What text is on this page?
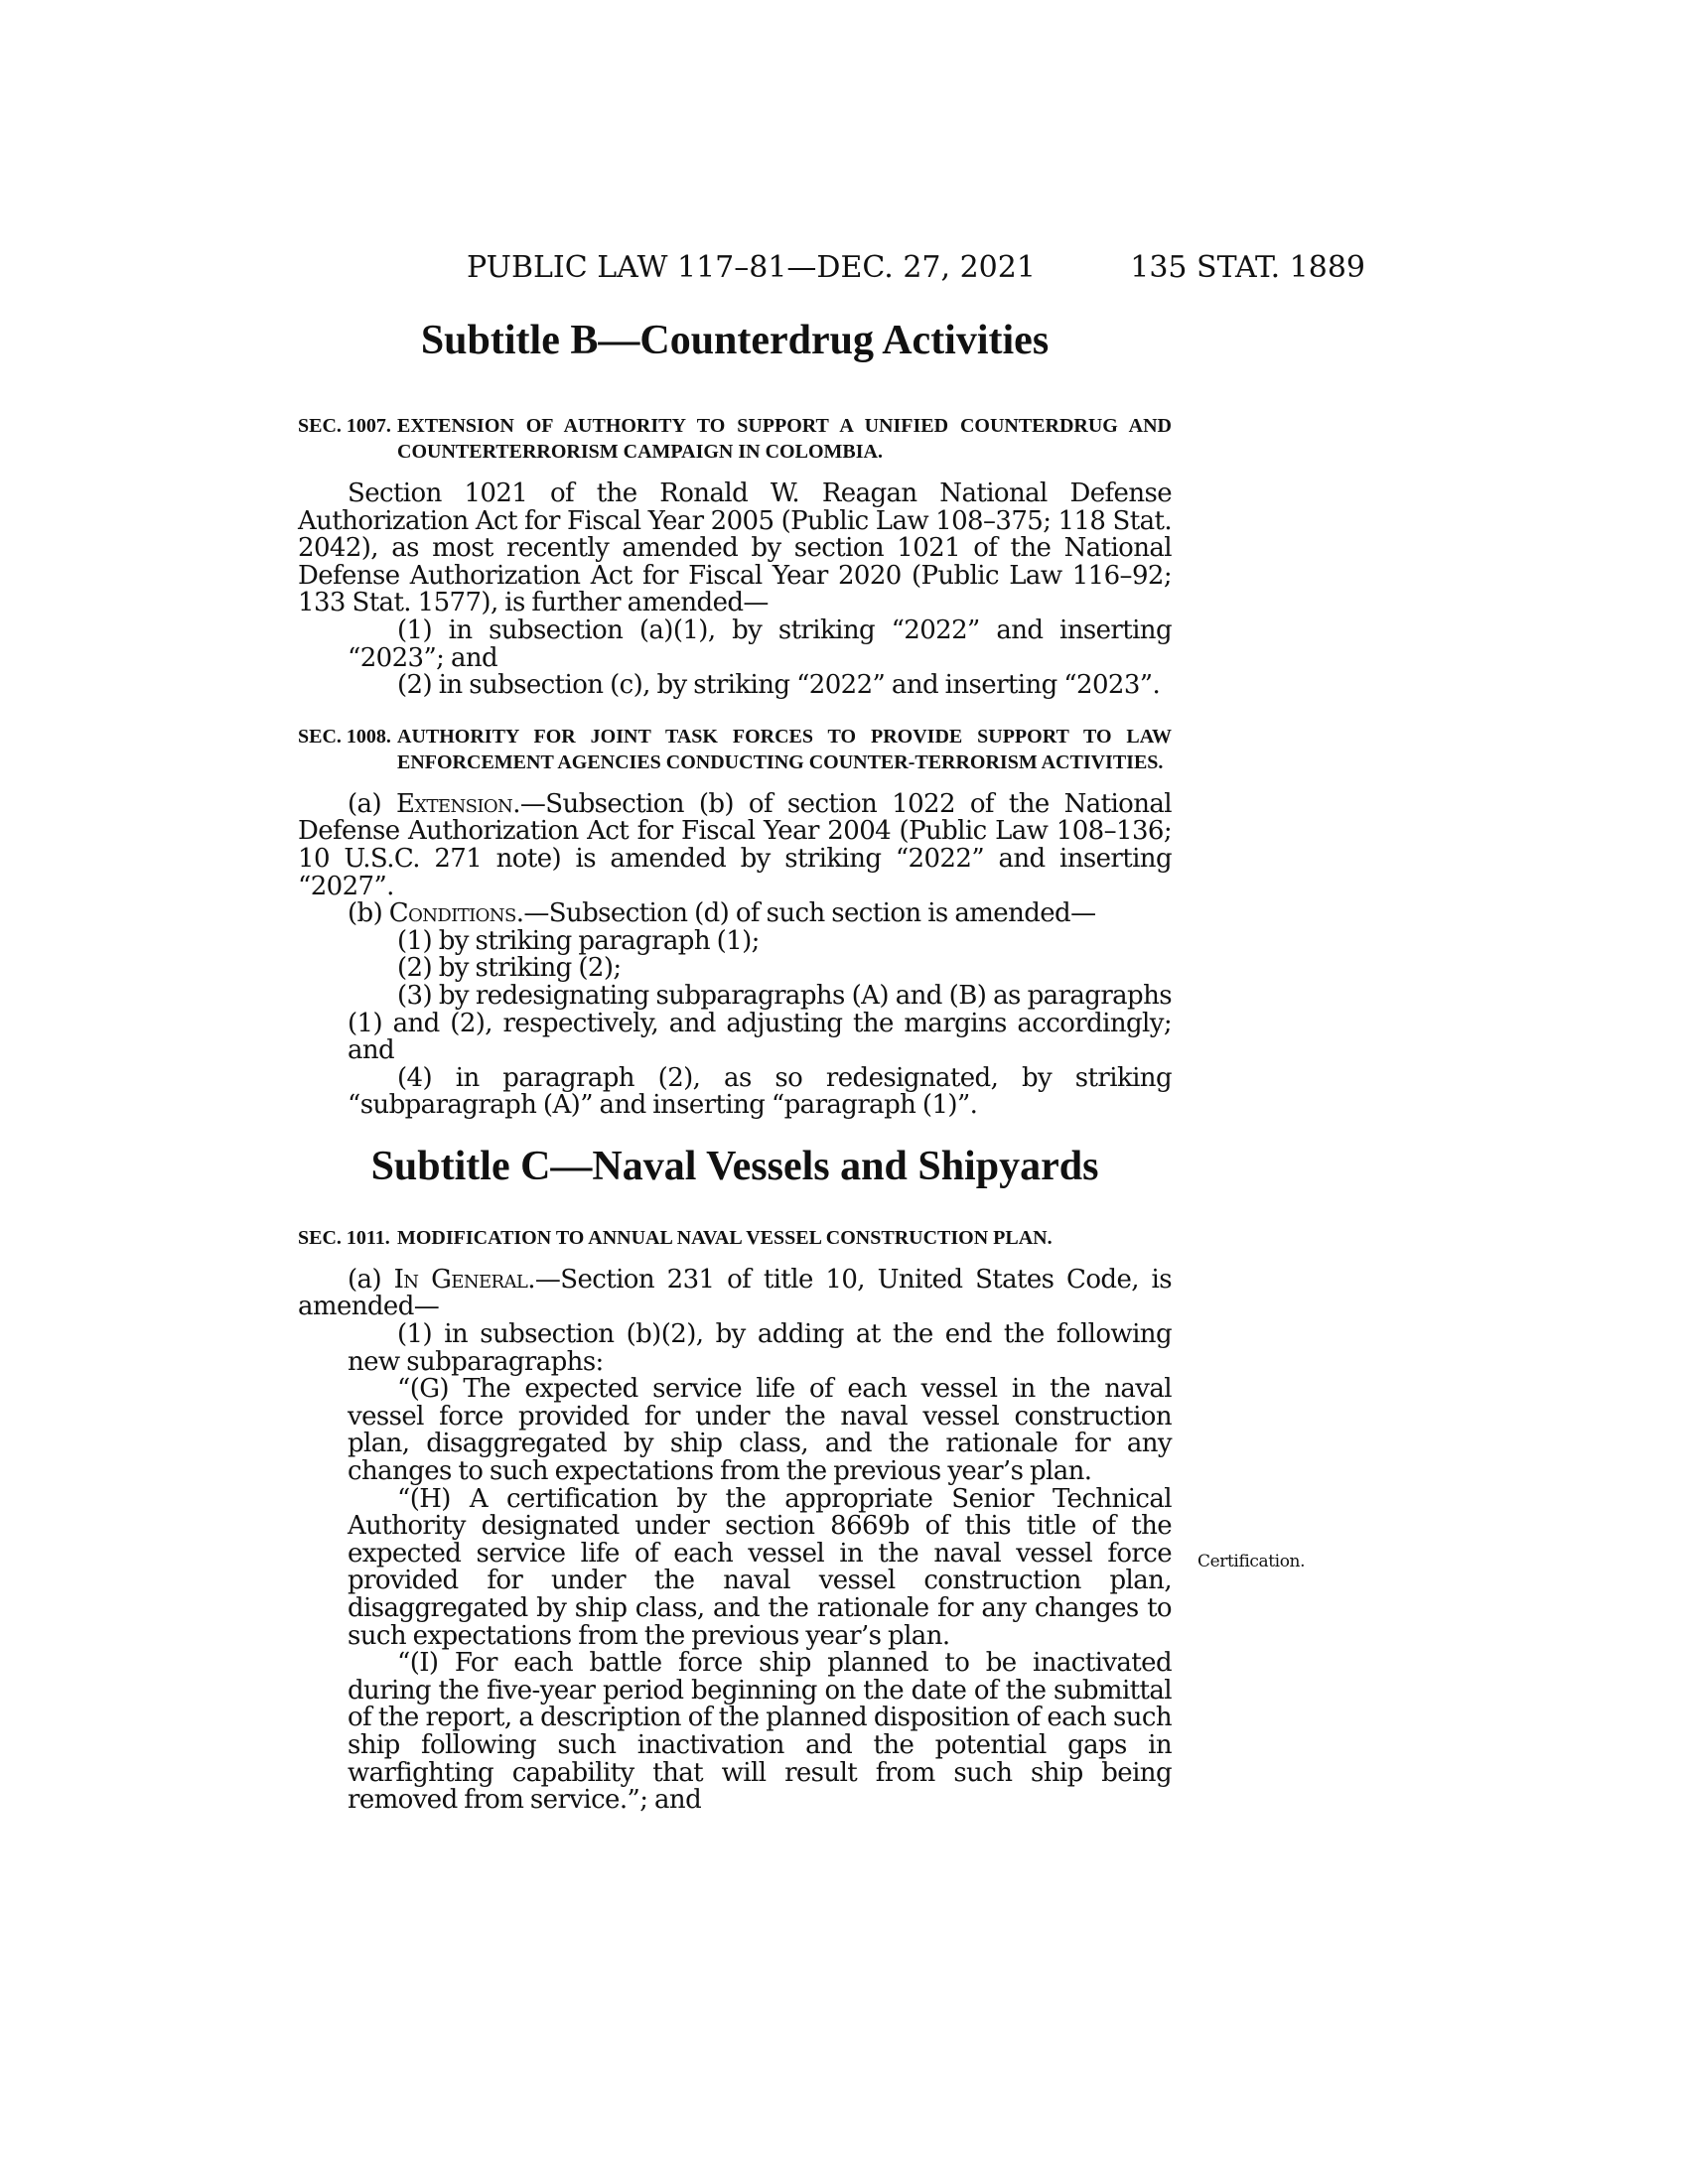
PUBLIC LAW 117–81—DEC. 27, 2021	135 STAT. 1889
Subtitle B—Counterdrug Activities
SEC. 1007. EXTENSION OF AUTHORITY TO SUPPORT A UNIFIED COUNTERDRUG AND COUNTERTERRORISM CAMPAIGN IN COLOMBIA.

Section 1021 of the Ronald W. Reagan National Defense Authorization Act for Fiscal Year 2005 (Public Law 108–375; 118 Stat. 2042), as most recently amended by section 1021 of the National Defense Authorization Act for Fiscal Year 2020 (Public Law 116–92; 133 Stat. 1577), is further amended—

(1) in subsection (a)(1), by striking “2022” and inserting “2023”; and

(2) in subsection (c), by striking “2022” and inserting “2023”.

SEC. 1008. AUTHORITY FOR JOINT TASK FORCES TO PROVIDE SUPPORT TO LAW ENFORCEMENT AGENCIES CONDUCTING COUNTER-TERRORISM ACTIVITIES.

(a) Extension.—Subsection (b) of section 1022 of the National Defense Authorization Act for Fiscal Year 2004 (Public Law 108–136; 10 U.S.C. 271 note) is amended by striking “2022” and inserting “2027”.

(b) Conditions.—Subsection (d) of such section is amended—

(1) by striking paragraph (1);

(2) by striking (2);

(3) by redesignating subparagraphs (A) and (B) as paragraphs (1) and (2), respectively, and adjusting the margins accordingly; and

(4) in paragraph (2), as so redesignated, by striking “subparagraph (A)” and inserting “paragraph (1)”.

Subtitle C—Naval Vessels and Shipyards
SEC. 1011. MODIFICATION TO ANNUAL NAVAL VESSEL CONSTRUCTION PLAN.

(a) In General.—Section 231 of title 10, United States Code, is amended—

(1) in subsection (b)(2), by adding at the end the following new subparagraphs:

“(G) The expected service life of each vessel in the naval vessel force provided for under the naval vessel construction plan, disaggregated by ship class, and the rationale for any changes to such expectations from the previous year’s plan.

“(H) A certification by the appropriate Senior Technical Authority designated under section 8669b of this title of the expected service life of each vessel in the naval vessel force provided for under the naval vessel construction plan, disaggregated by ship class, and the rationale for any changes to such expectations from the previous year’s plan.

“(I) For each battle force ship planned to be inactivated during the five-year period beginning on the date of the submittal of the report, a description of the planned disposition of each such ship following such inactivation and the potential gaps in warfighting capability that will result from such ship being removed from service.”; and

Certification.
